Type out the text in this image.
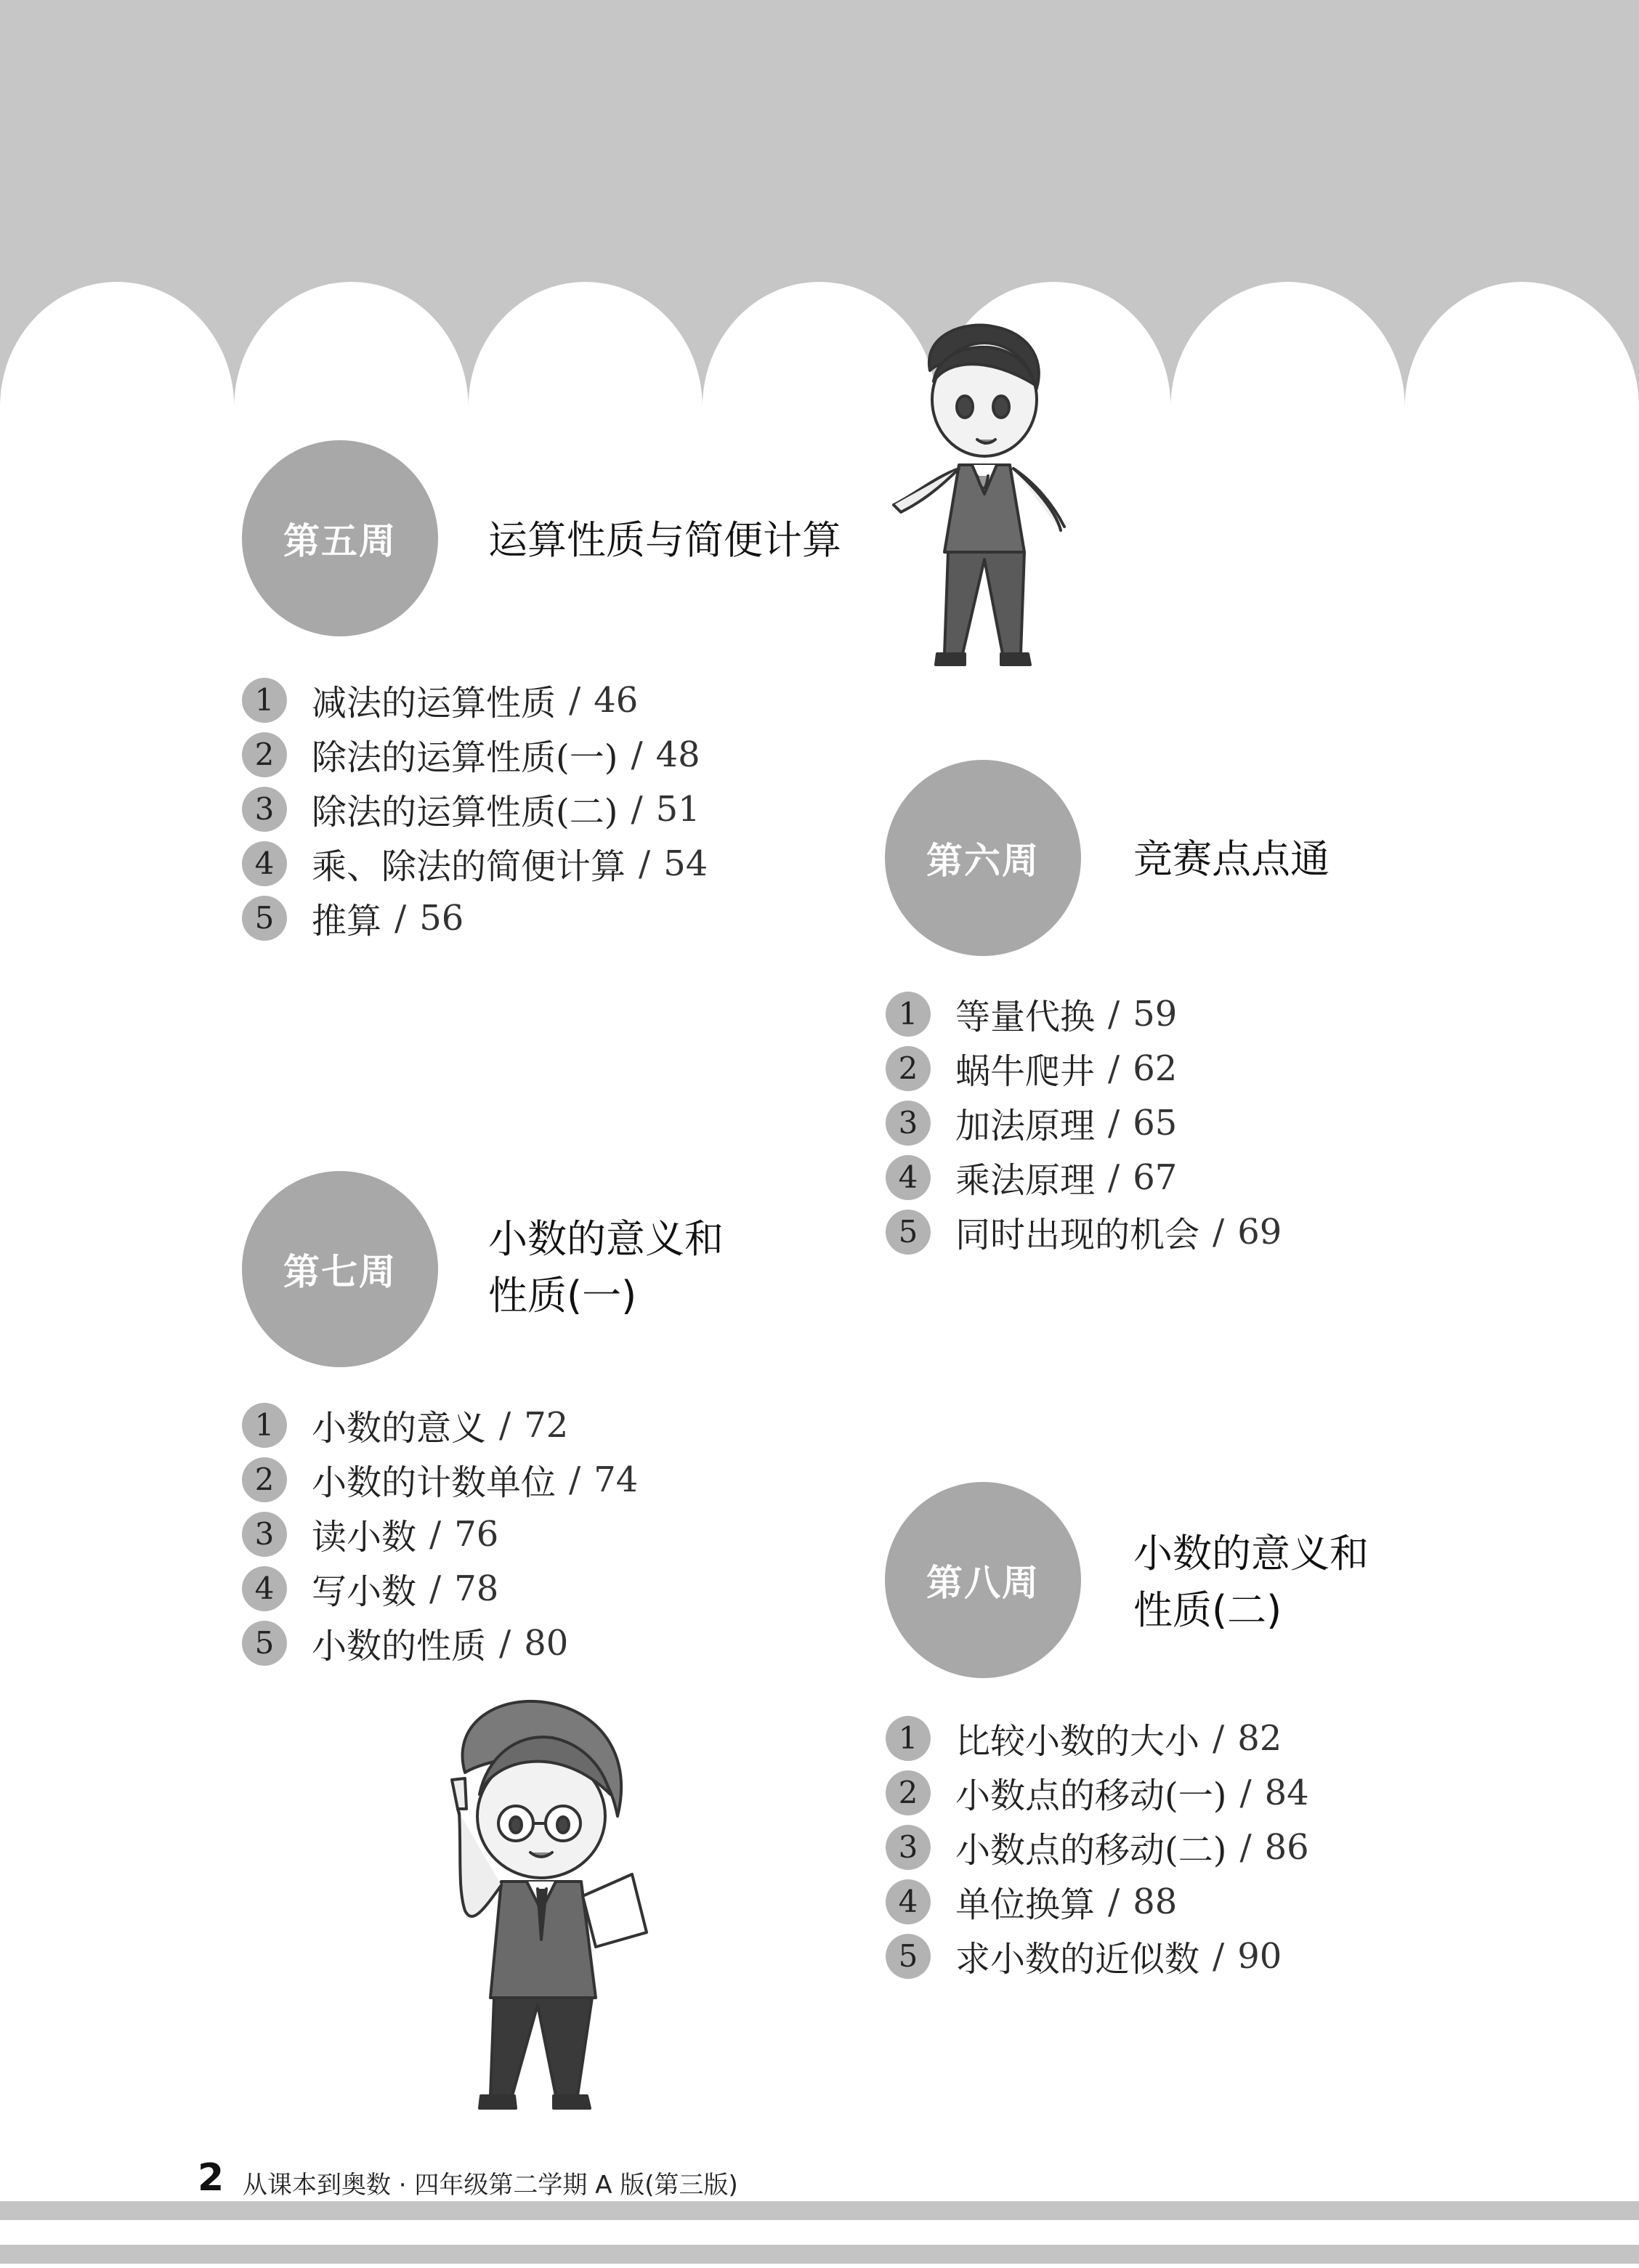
第五周	运算性质与简便计算
1	减法的运算性质 / 46
2	除法的运算性质(一) / 48
3	除法的运算性质(二) / 51
4	乘、除法的简便计算 / 54
5	推算 / 56
第六周	竞赛点点通
1	等量代换 / 59
2	蜗牛爬井 / 62
3	加法原理 / 65
4	乘法原理 / 67
5	同时出现的机会 / 69
第七周
小数的意义和
性质(一)
1	小数的意义 / 72
2	小数的计数单位 / 74
3	读小数 / 76
4	写小数 / 78
5	小数的性质 / 80
第八周
小数的意义和
性质(二)
1	比较小数的大小 / 82
2	小数点的移动(一) / 84
3	小数点的移动(二) / 86
4	单位换算 / 88
5	求小数的近似数 / 90
2 从课本到奥数 · 四年级第二学期 A 版(第三版)
